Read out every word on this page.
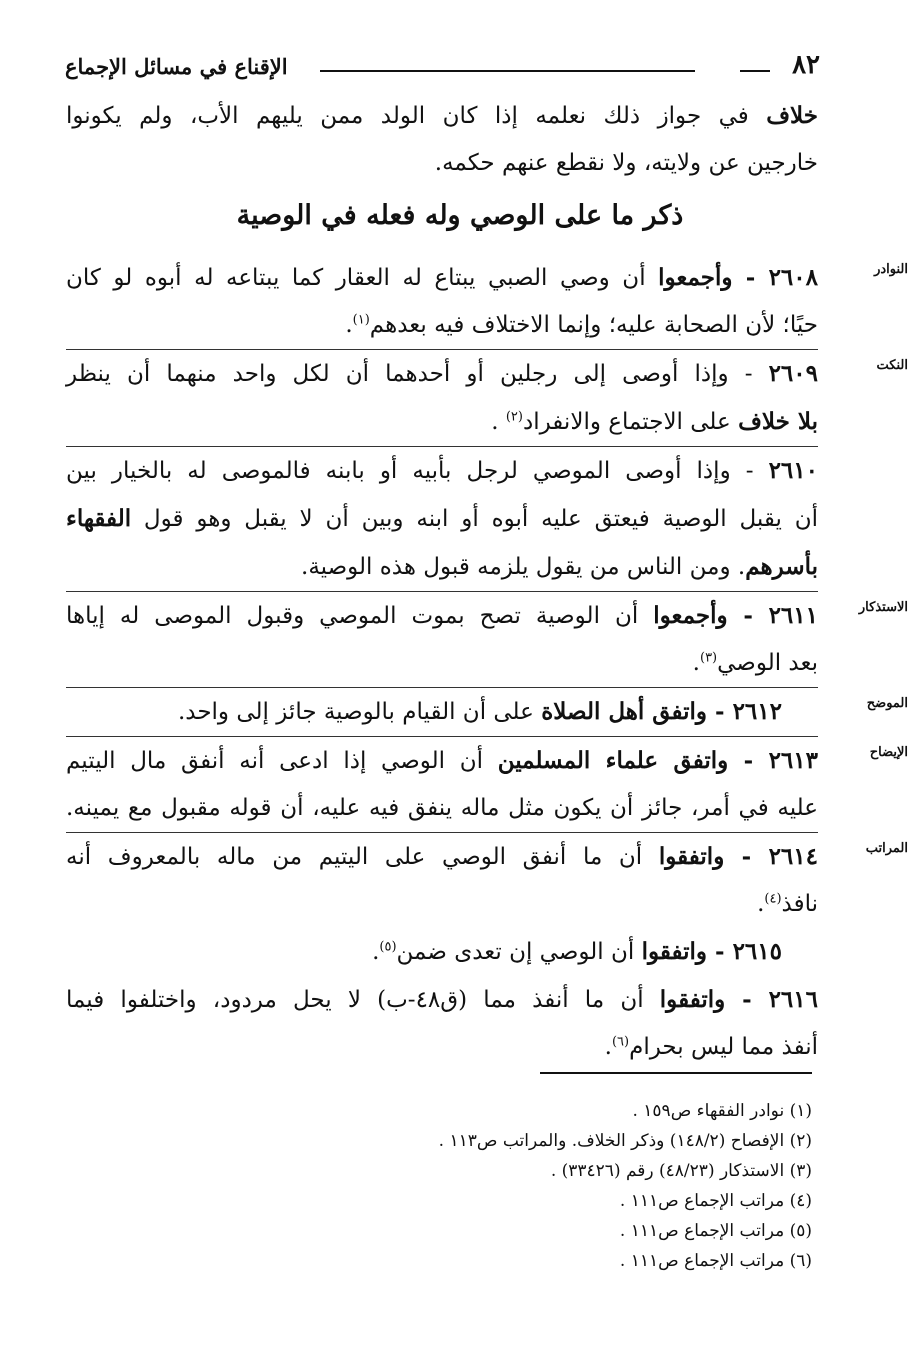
٨٢
الإقناع في مسائل الإجماع
خلاف في جواز ذلك نعلمه إذا كان الولد ممن يليهم الأب، ولم يكونوا
خارجين عن ولايته، ولا نقطع عنهم حكمه.
ذكر ما على الوصي وله فعله في الوصية
النوادر
٢٦٠٨ - وأجمعوا أن وصي الصبي يبتاع له العقار كما يبتاعه له أبوه لو كان
حيًا؛ لأن الصحابة عليه؛ وإنما الاختلاف فيه بعدهم$^{(١)}$.
النكت
٢٦٠٩ - وإذا أوصى إلى رجلين أو أحدهما أن لكل واحد منهما أن ينظر
بلا خلاف على الاجتماع والانفراد$^{(٢)}$ .
٢٦١٠ - وإذا أوصى الموصي لرجل بأبيه أو بابنه فالموصى له بالخيار بين
أن يقبل الوصية فيعتق عليه أبوه أو ابنه وبين أن لا يقبل وهو قول الفقهاء
بأسرهم. ومن الناس من يقول يلزمه قبول هذه الوصية.
الاستذكار
٢٦١١ - وأجمعوا أن الوصية تصح بموت الموصي وقبول الموصى له إياها
بعد الوصي$^{(٣)}$.
الموضح
٢٦١٢ - واتفق أهل الصلاة على أن القيام بالوصية جائز إلى واحد.
الإيضاح
٢٦١٣ - واتفق علماء المسلمين أن الوصي إذا ادعى أنه أنفق مال اليتيم
عليه في أمر، جائز أن يكون مثل ماله ينفق فيه عليه، أن قوله مقبول مع يمينه.
المراتب
٢٦١٤ - واتفقوا أن ما أنفق الوصي على اليتيم من ماله بالمعروف أنه
نافذ$^{(٤)}$.
٢٦١٥ - واتفقوا أن الوصي إن تعدى ضمن$^{(٥)}$.
٢٦١٦ - واتفقوا أن ما أنفذ مما (ق٤٨-ب) لا يحل مردود، واختلفوا فيما
أنفذ مما ليس بحرام$^{(٦)}$.
(١) نوادر الفقهاء ص١٥٩ .
(٢) الإفصاح (١٤٨/٢) وذكر الخلاف. والمراتب ص١١٣ .
(٣) الاستذكار (٤٨/٢٣) رقم (٣٣٤٢٦) .
(٤) مراتب الإجماع ص١١١ .
(٥) مراتب الإجماع ص١١١ .
(٦) مراتب الإجماع ص١١١ .
